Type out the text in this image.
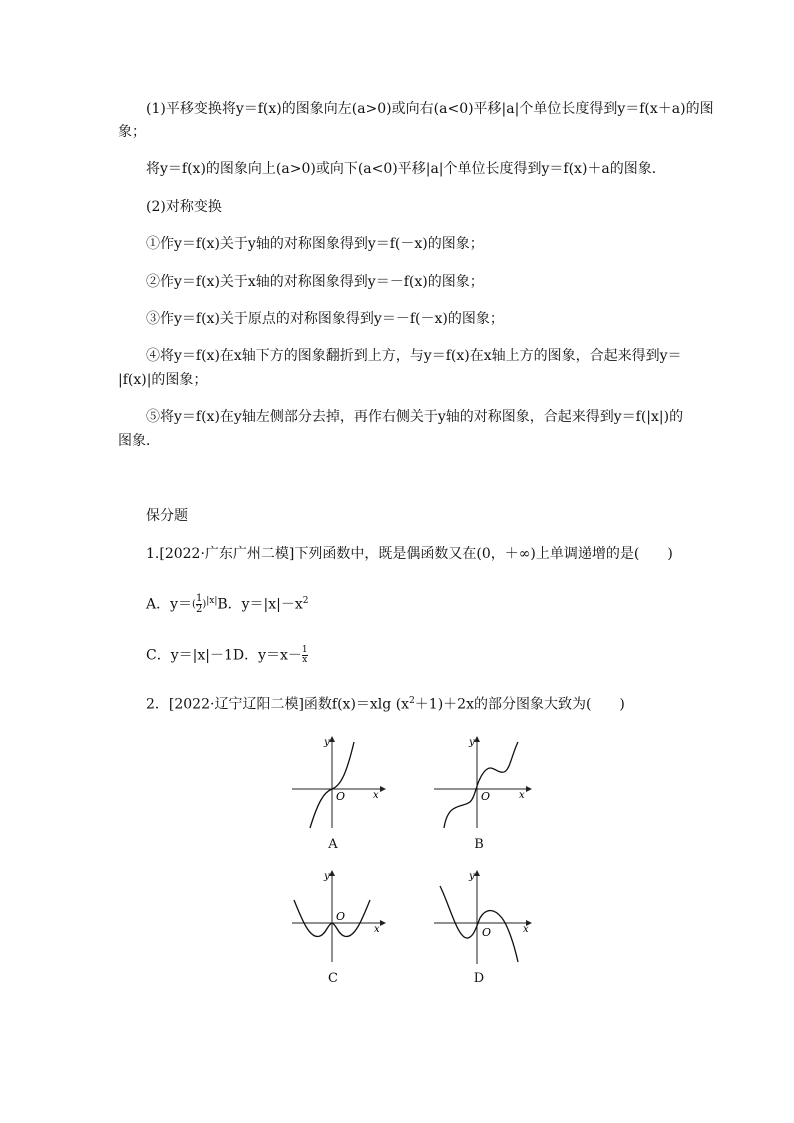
(1)平移变换将y＝f(x)的图象向左(a>0)或向右(a<0)平移|a|个单位长度得到y＝f(x＋a)的图
象；
将y＝f(x)的图象向上(a>0)或向下(a<0)平移|a|个单位长度得到y＝f(x)＋a的图象．
(2)对称变换
①作y＝f(x)关于y轴的对称图象得到y＝f(－x)的图象；
②作y＝f(x)关于x轴的对称图象得到y＝－f(x)的图象；
③作y＝f(x)关于原点的对称图象得到y＝－f(－x)的图象；
④将y＝f(x)在x轴下方的图象翻折到上方，与y＝f(x)在x轴上方的图象，合起来得到y＝
|f(x)|的图象；
⑤将y＝f(x)在y轴左侧部分去掉，再作右侧关于y轴的对称图象，合起来得到y＝f(|x|)的
图象．
保分题
1.[2022·广东广州二模]下列函数中，既是偶函数又在(0，＋∞)上单调递增的是(　　)
A．$y=( \frac{1}{2} )^{|x|}B$．$y=|x|-x^2$
C．y＝|x|－1D．$y=x- \frac{1}{x}$
2．[2022·辽宁辽阳二模]函数f(x)＝xlg $(x^2+1)+2x$的部分图象大致为(　　)
x
y
O
A
x
y
O
B
x
y
O
C
x
y
O
D
